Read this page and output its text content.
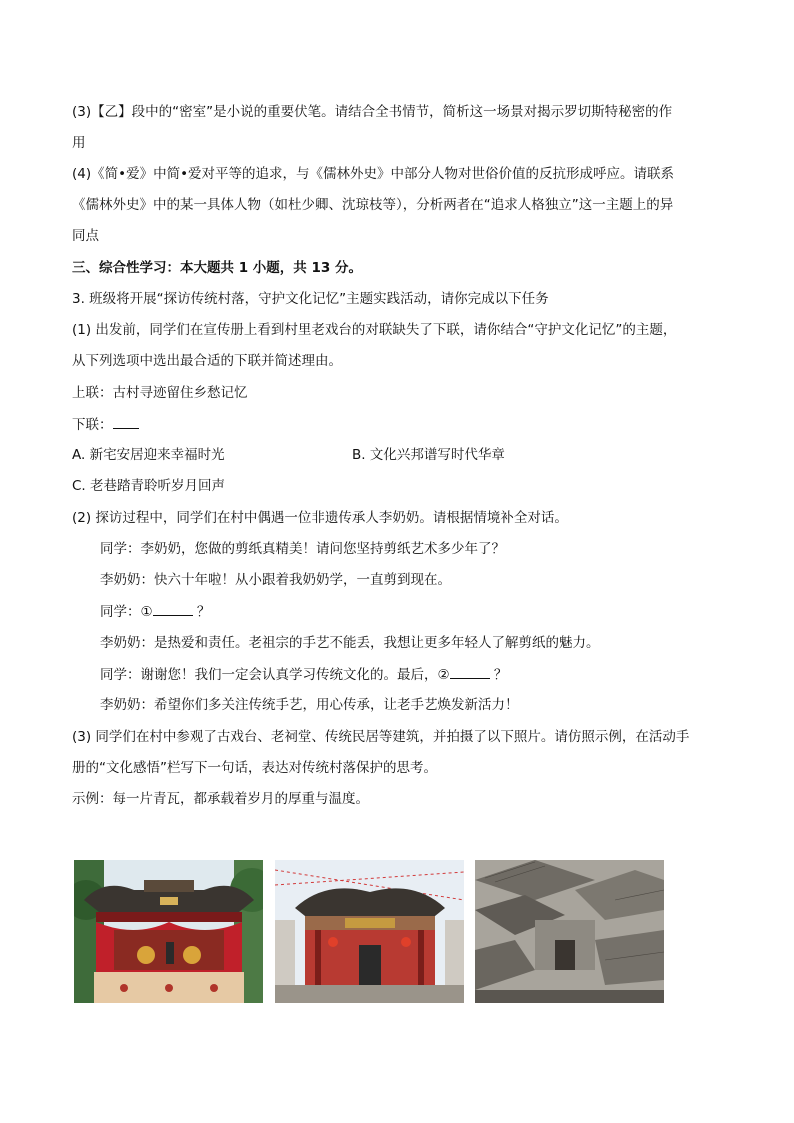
(3)【乙】段中的“密室”是小说的重要伏笔。请结合全书情节，简析这一场景对揭示罗切斯特秘密的作
用
(4)《简•爱》中简•爱对平等的追求，与《儒林外史》中部分人物对世俗价值的反抗形成呼应。请联系
《儒林外史》中的某一具体人物（如杜少卿、沈琼枝等），分析两者在“追求人格独立”这一主题上的异
同点
三、综合性学习：本大题共 1 小题，共 13 分。
3. 班级将开展“探访传统村落，守护文化记忆”主题实践活动，请你完成以下任务
(1) 出发前，同学们在宣传册上看到村里老戏台的对联缺失了下联，请你结合“守护文化记忆”的主题，
从下列选项中选出最合适的下联并简述理由。
上联：古村寻迹留住乡愁记忆
下联：
A. 新宅安居迎来幸福时光	B. 文化兴邦谱写时代华章
C. 老巷踏青聆听岁月回声
(2) 探访过程中，同学们在村中偶遇一位非遗传承人李奶奶。请根据情境补全对话。
同学：李奶奶，您做的剪纸真精美！请问您坚持剪纸艺术多少年了？
李奶奶：快六十年啦！从小跟着我奶奶学，一直剪到现在。
同学：①	？
李奶奶：是热爱和责任。老祖宗的手艺不能丢，我想让更多年轻人了解剪纸的魅力。
同学：谢谢您！我们一定会认真学习传统文化的。最后，②	？
李奶奶：希望你们多关注传统手艺，用心传承，让老手艺焕发新活力！
(3) 同学们在村中参观了古戏台、老祠堂、传统民居等建筑，并拍摄了以下照片。请仿照示例，在活动手
册的“文化感悟”栏写下一句话，表达对传统村落保护的思考。
示例：每一片青瓦，都承载着岁月的厚重与温度。
